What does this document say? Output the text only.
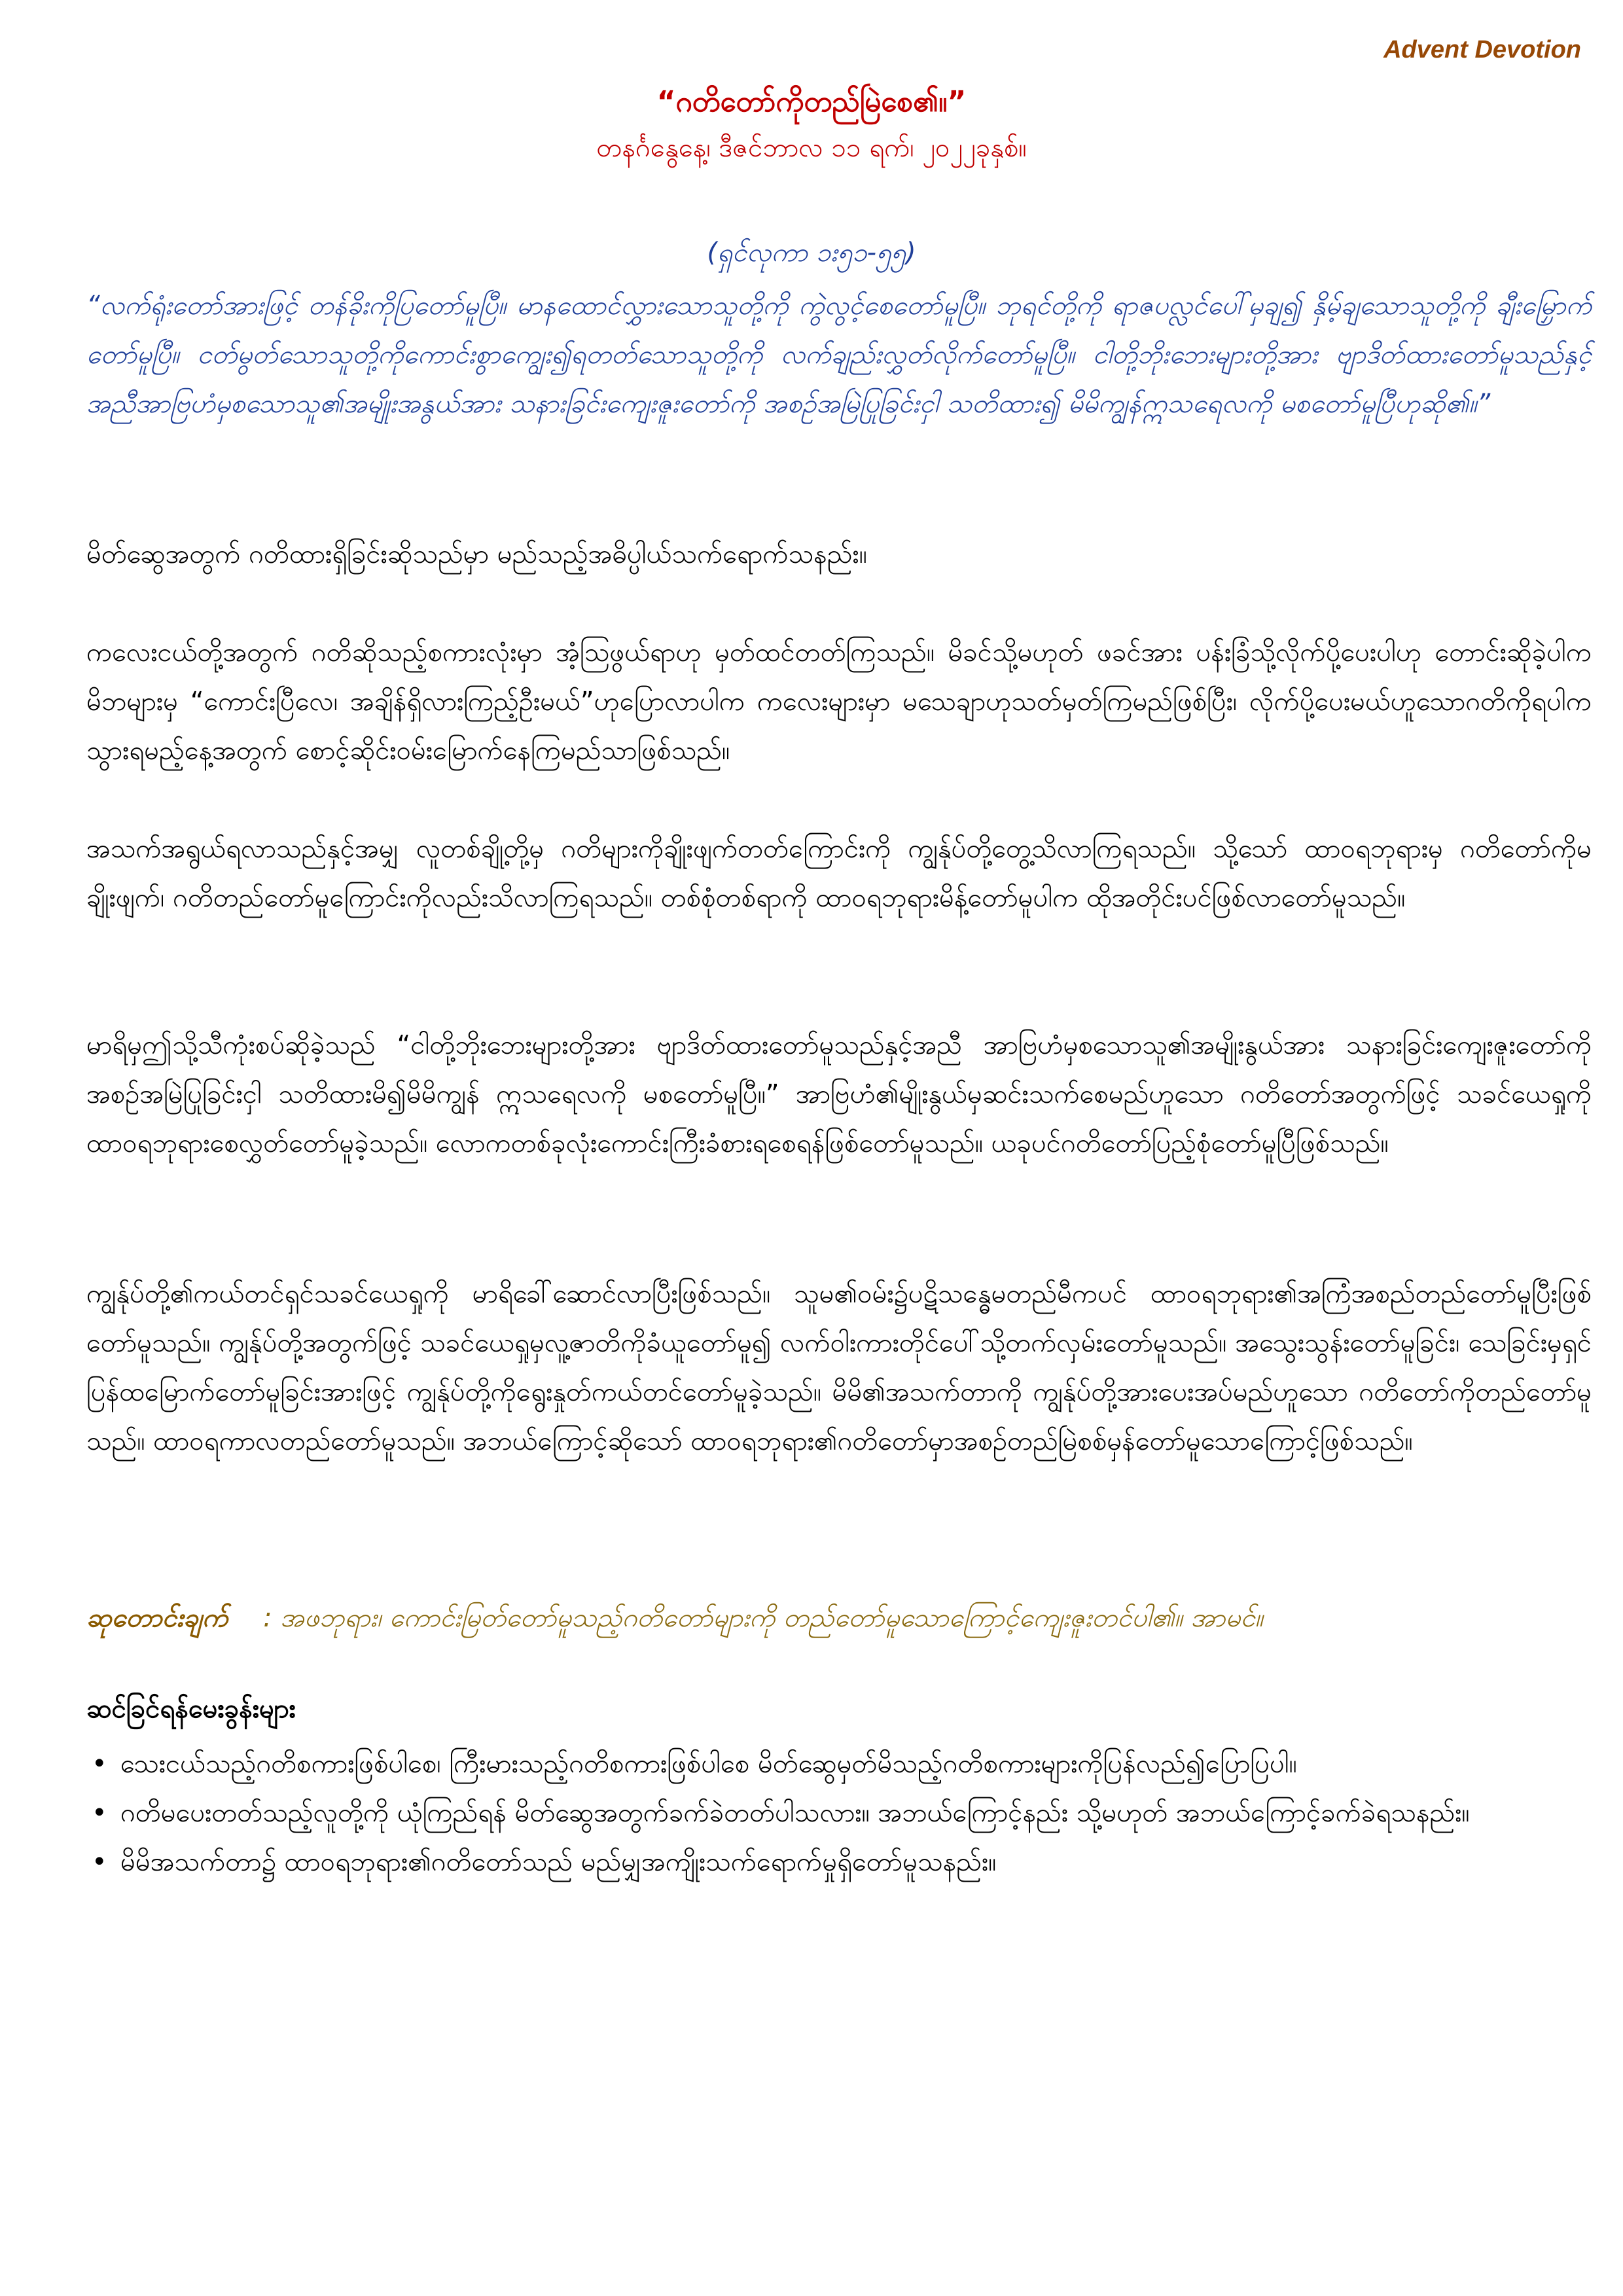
Advent Devotion
“ဂတိတော်ကိုတည်မြဲစေ၏။”
တနင်္ဂနွေနေ့၊ ဒီဇင်ဘာလ ၁၁ ရက်၊ ၂၀၂၂ခုနှစ်။
(ရှင်လုကာ ၁း၅၁-၅၅)
“လက်ရုံးတော်အားဖြင့် တန်ခိုးကိုပြတော်မူပြီ။ မာနထောင်လွှားသောသူတို့ကို ကွဲလွင့်စေတော်မူပြီ။ ဘုရင်တို့ကို ရာဇပလ္လင်ပေါ်မှချ၍ နှိမ့်ချသောသူတို့ကို ချီးမြှောက်တော်မူပြီ။ ငတ်မွတ်သောသူတို့ကိုကောင်းစွာကျွေး၍ရတတ်သောသူတို့ကို လက်ချည်းလွှတ်လိုက်တော်မူပြီ။ ငါတို့ဘိုးဘေးများတို့အား ဗျာဒိတ်ထားတော်မူသည်နှင့် အညီအာဗြဟံမှစသောသူ၏အမျိုးအနွယ်အား သနားခြင်းကျေးဇူးတော်ကို အစဉ်အမြဲပြုခြင်းငှါ သတိထား၍ မိမိကျွန်ဣသရေလကို မစတော်မူပြီဟုဆို၏။”
မိတ်ဆွေအတွက် ဂတိထားရှိခြင်းဆိုသည်မှာ မည်သည့်အဓိပ္ပါယ်သက်ရောက်သနည်း။
ကလေးငယ်တို့အတွက် ဂတိဆိုသည့်စကားလုံးမှာ အံ့သြဖွယ်ရာဟု မှတ်ထင်တတ်ကြသည်။ မိခင်သို့မဟုတ် ဖခင်အား ပန်းခြံသို့လိုက်ပို့ပေးပါဟု တောင်းဆိုခဲ့ပါက မိဘများမှ “ကောင်းပြီလေ၊ အချိန်ရှိလားကြည့်ဦးမယ်”ဟုပြောလာပါက ကလေးများမှာ မသေချာဟုသတ်မှတ်ကြမည်ဖြစ်ပြီး၊ လိုက်ပို့ပေးမယ်ဟူသောဂတိကိုရပါက သွားရမည့်နေ့အတွက် စောင့်ဆိုင်းဝမ်းမြောက်နေကြမည်သာဖြစ်သည်။
အသက်အရွယ်ရလာသည်နှင့်အမျှ လူတစ်ချို့တို့မှ ဂတိများကိုချိုးဖျက်တတ်ကြောင်းကို ကျွန်ုပ်တို့တွေ့သိလာကြရသည်။ သို့သော် ထာဝရဘုရားမှ ဂတိတော်ကိုမချိုးဖျက်၊ ဂတိတည်တော်မူကြောင်းကိုလည်းသိလာကြရသည်။ တစ်စုံတစ်ရာကို ထာဝရဘုရားမိန့်တော်မူပါက ထိုအတိုင်းပင်ဖြစ်လာတော်မူသည်။
မာရိမှဤသို့သီကုံးစပ်ဆိုခဲ့သည် “ငါတို့ဘိုးဘေးများတို့အား ဗျာဒိတ်ထားတော်မူသည်နှင့်အညီ အာဗြဟံမှစသောသူ၏အမျိုးနွယ်အား သနားခြင်းကျေးဇူးတော်ကို အစဉ်အမြဲပြုခြင်းငှါ သတိထားမိ၍မိမိကျွန် ဣသရေလကို မစတော်မူပြီ။” အာဗြဟံ၏မျိုးနွယ်မှဆင်းသက်စေမည်ဟူသော ဂတိတော်အတွက်ဖြင့် သခင်ယေရှုကို ထာဝရဘုရားစေလွှတ်တော်မူခဲ့သည်။ လောကတစ်ခုလုံးကောင်းကြီးခံစားရစေရန်ဖြစ်တော်မူသည်။ ယခုပင်ဂတိတော်ပြည့်စုံတော်မူပြီဖြစ်သည်။
ကျွန်ုပ်တို့၏ကယ်တင်ရှင်သခင်ယေရှုကို မာရိခေါ်ဆောင်လာပြီးဖြစ်သည်။ သူမ၏ဝမ်း၌ပဋိသန္ဓေမတည်မီကပင် ထာဝရဘုရား၏အကြံအစည်တည်တော်မူပြီးဖြစ်တော်မူသည်။ ကျွန်ုပ်တို့အတွက်ဖြင့် သခင်ယေရှုမှလူ့ဇာတိကိုခံယူတော်မူ၍ လက်ဝါးကားတိုင်ပေါ်သို့တက်လှမ်းတော်မူသည်။ အသွေးသွန်းတော်မူခြင်း၊ သေခြင်းမှရှင်ပြန်ထမြောက်တော်မူခြင်းအားဖြင့် ကျွန်ုပ်တို့ကိုရွေးနှုတ်ကယ်တင်တော်မူခဲ့သည်။ မိမိ၏အသက်တာကို ကျွန်ုပ်တို့အားပေးအပ်မည်ဟူသော ဂတိတော်ကိုတည်တော်မူသည်။ ထာဝရကာလတည်တော်မူသည်။ အဘယ်ကြောင့်ဆိုသော် ထာဝရဘုရား၏ဂတိတော်မှာအစဉ်တည်မြဲစစ်မှန်တော်မူသောကြောင့်ဖြစ်သည်။
ဆုတောင်းချက် : အဖဘုရား၊ ကောင်းမြတ်တော်မူသည့်ဂတိတော်များကို တည်တော်မူသောကြောင့်ကျေးဇူးတင်ပါ၏။ အာမင်။
ဆင်ခြင်ရန်မေးခွန်းများ
• သေးငယ်သည့်ဂတိစကားဖြစ်ပါစေ၊ ကြီးမားသည့်ဂတိစကားဖြစ်ပါစေ မိတ်ဆွေမှတ်မိသည့်ဂတိစကားများကိုပြန်လည်၍ပြောပြပါ။
• ဂတိမပေးတတ်သည့်လူတို့ကို ယုံကြည်ရန် မိတ်ဆွေအတွက်ခက်ခဲတတ်ပါသလား။ အဘယ်ကြောင့်နည်း သို့မဟုတ် အဘယ်ကြောင့်ခက်ခဲရသနည်း။
• မိမိအသက်တာ၌ ထာဝရဘုရား၏ဂတိတော်သည် မည်မျှအကျိုးသက်ရောက်မှုရှိတော်မူသနည်း။
